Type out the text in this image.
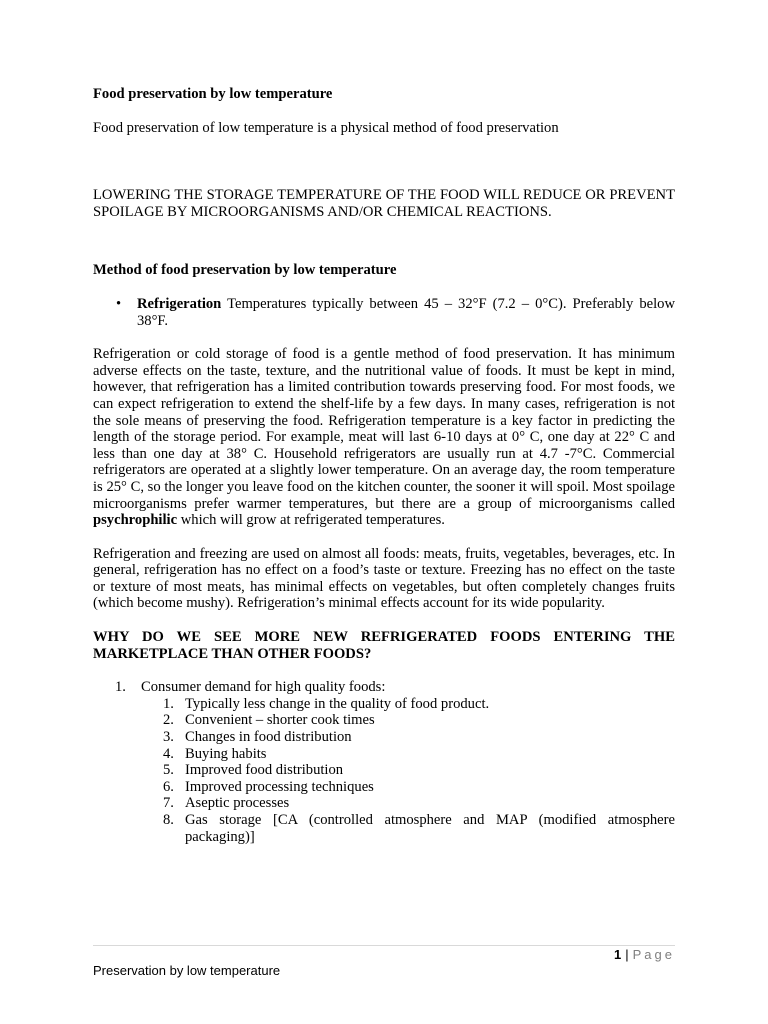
Food preservation by low temperature

Food preservation of low temperature is a physical method of food preservation

LOWERING THE STORAGE TEMPERATURE OF THE FOOD WILL REDUCE OR PREVENT SPOILAGE BY MICROORGANISMS AND/OR CHEMICAL REACTIONS.

Method of food preservation by low temperature

•	Refrigeration Temperatures typically between 45 – 32°F (7.2 – 0°C). Preferably below 38°F.

Refrigeration or cold storage of food is a gentle method of food preservation. It has minimum adverse effects on the taste, texture, and the nutritional value of foods. It must be kept in mind, however, that refrigeration has a limited contribution towards preserving food. For most foods, we can expect refrigeration to extend the shelf-life by a few days. In many cases, refrigeration is not the sole means of preserving the food. Refrigeration temperature is a key factor in predicting the length of the storage period. For example, meat will last 6-10 days at 0° C, one day at 22° C and less than one day at 38° C. Household refrigerators are usually run at 4.7 -7°C. Commercial refrigerators are operated at a slightly lower temperature. On an average day, the room temperature is 25° C, so the longer you leave food on the kitchen counter, the sooner it will spoil. Most spoilage microorganisms prefer warmer temperatures, but there are a group of microorganisms called psychrophilic which will grow at refrigerated temperatures.

Refrigeration and freezing are used on almost all foods: meats, fruits, vegetables, beverages, etc. In general, refrigeration has no effect on a food’s taste or texture. Freezing has no effect on the taste or texture of most meats, has minimal effects on vegetables, but often completely changes fruits (which become mushy). Refrigeration’s minimal effects account for its wide popularity.

WHY DO WE SEE MORE NEW REFRIGERATED FOODS ENTERING THE MARKETPLACE THAN OTHER FOODS?

1.	Consumer demand for high quality foods:
1. Typically less change in the quality of food product.
2. Convenient – shorter cook times
3. Changes in food distribution
4. Buying habits
5. Improved food distribution
6. Improved processing techniques
7. Aseptic processes
8. Gas storage [CA (controlled atmosphere and MAP (modified atmosphere packaging)]
1 | Page
Preservation by low temperature
